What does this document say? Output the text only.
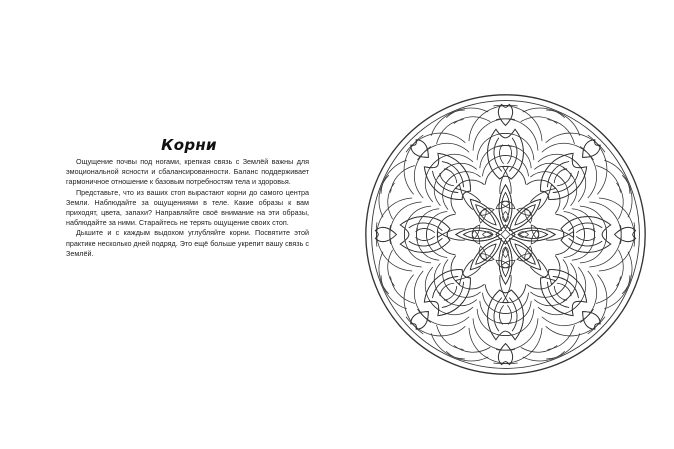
Корни

Ощущение почвы под ногами, крепкая связь с Землёй важны для эмоциональной ясности и сбалансированности. Баланс поддерживает гармоничное отношение к базовым потребностям тела и здоровья.

Представьте, что из ваших стоп вырастают корни до самого центра Земли. Наблюдайте за ощущениями в теле. Какие образы к вам приходят, цвета, запахи? Направляйте своё внимание на эти образы, наблюдайте за ними. Старайтесь не терять ощущение своих стоп.

Дышите и с каждым выдохом углубляйте корни. Посвятите этой практике несколько дней подряд. Это ещё больше укрепит вашу связь с Землёй.
